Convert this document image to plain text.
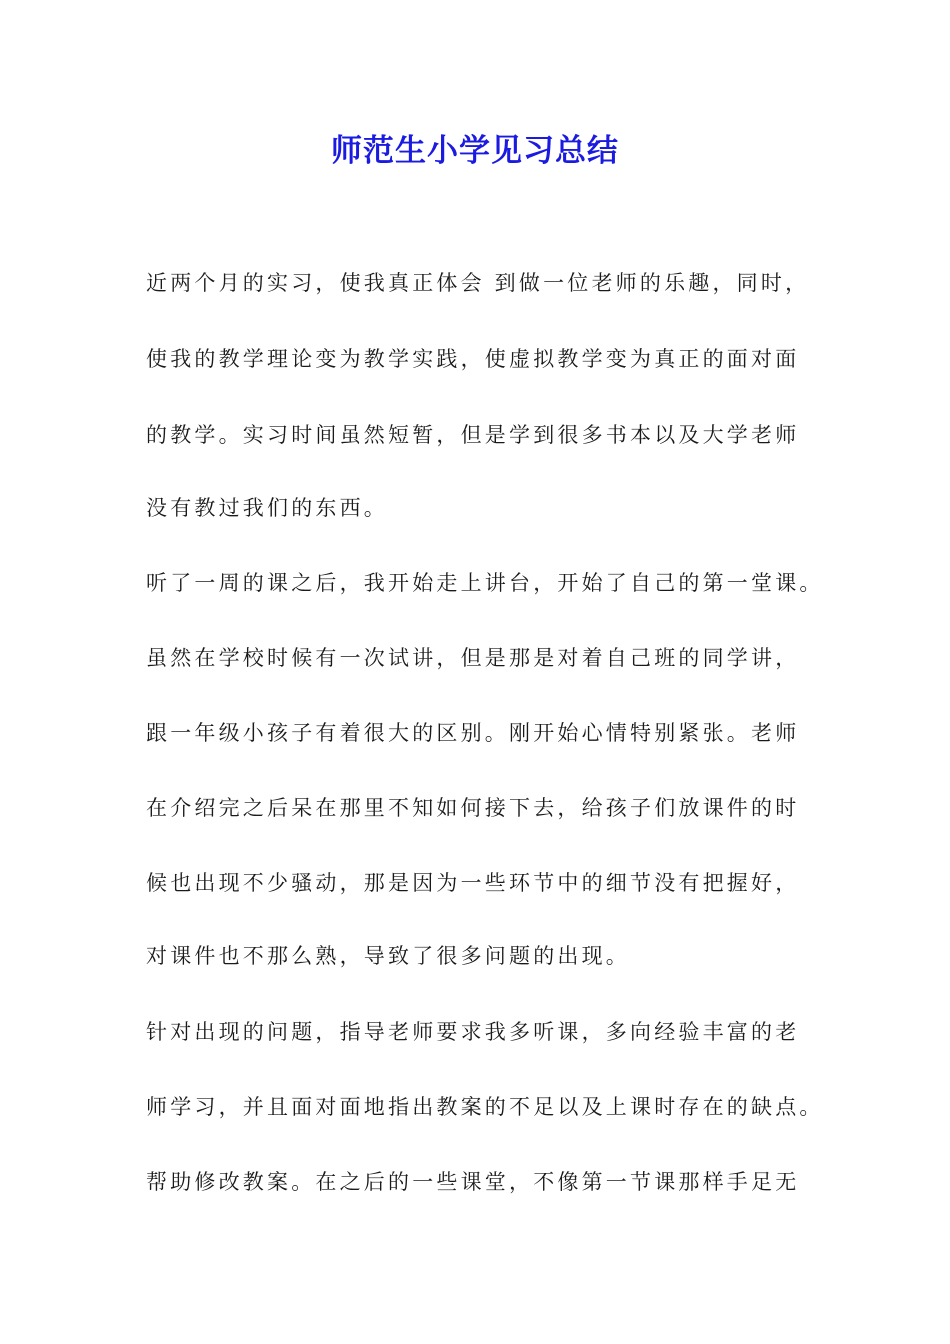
师范生小学见习总结

近两个月的实习，使我真正体会 到做一位老师的乐趣，同时，

使我的教学理论变为教学实践，使虚拟教学变为真正的面对面

的教学。实习时间虽然短暂，但是学到很多书本以及大学老师

没有教过我们的东西。

听了一周的课之后，我开始走上讲台，开始了自己的第一堂课。

虽然在学校时候有一次试讲，但是那是对着自己班的同学讲，

跟一年级小孩子有着很大的区别。刚开始心情特别紧张。老师

在介绍完之后呆在那里不知如何接下去，给孩子们放课件的时

候也出现不少骚动，那是因为一些环节中的细节没有把握好，

对课件也不那么熟，导致了很多问题的出现。

针对出现的问题，指导老师要求我多听课，多向经验丰富的老

师学习，并且面对面地指出教案的不足以及上课时存在的缺点。

帮助修改教案。在之后的一些课堂，不像第一节课那样手足无
